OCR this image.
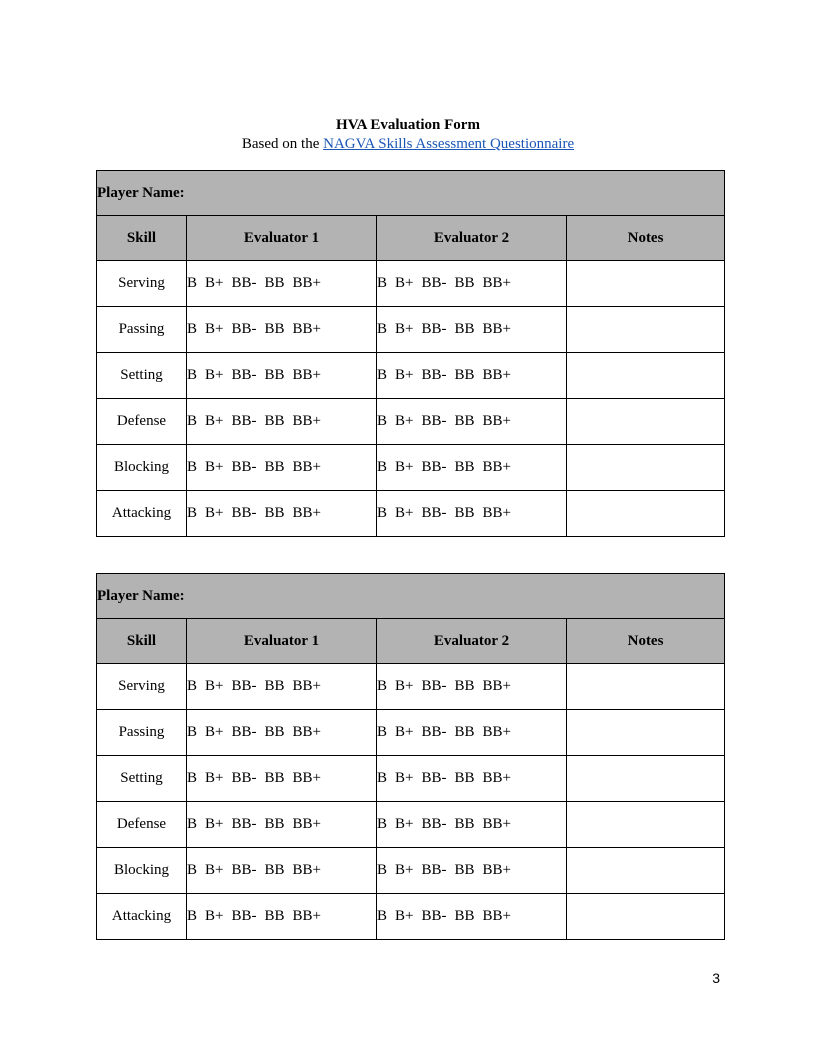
HVA Evaluation Form
Based on the NAGVA Skills Assessment Questionnaire
Player Name:			
Skill	Evaluator 1	Evaluator 2	Notes
Serving	B B+ BB- BB BB+	B B+ BB- BB BB+	
Passing	B B+ BB- BB BB+	B B+ BB- BB BB+	
Setting	B B+ BB- BB BB+	B B+ BB- BB BB+	
Defense	B B+ BB- BB BB+	B B+ BB- BB BB+	
Blocking	B B+ BB- BB BB+	B B+ BB- BB BB+	
Attacking	B B+ BB- BB BB+	B B+ BB- BB BB+	
Player Name:			
Skill	Evaluator 1	Evaluator 2	Notes
Serving	B B+ BB- BB BB+	B B+ BB- BB BB+	
Passing	B B+ BB- BB BB+	B B+ BB- BB BB+	
Setting	B B+ BB- BB BB+	B B+ BB- BB BB+	
Defense	B B+ BB- BB BB+	B B+ BB- BB BB+	
Blocking	B B+ BB- BB BB+	B B+ BB- BB BB+	
Attacking	B B+ BB- BB BB+	B B+ BB- BB BB+	
3
